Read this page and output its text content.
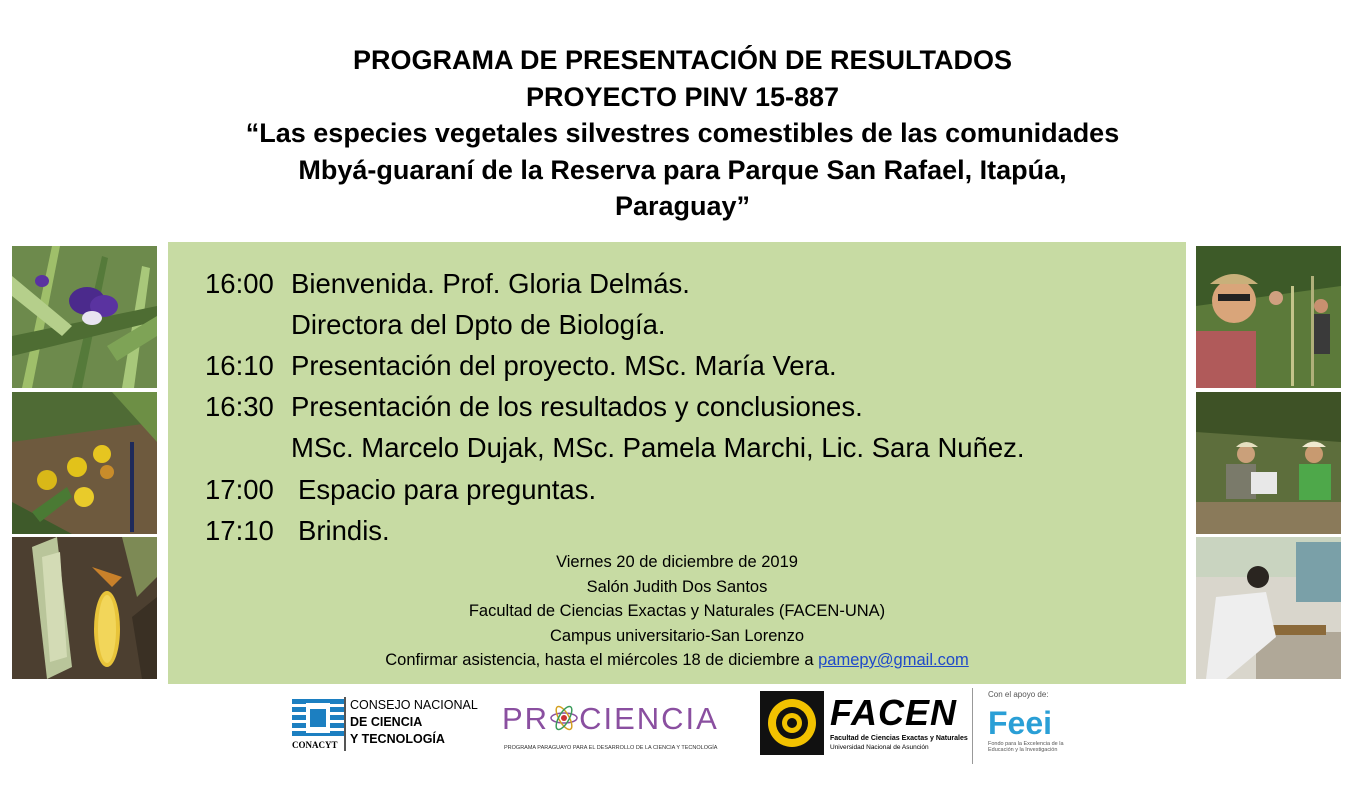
PROGRAMA DE PRESENTACIÓN DE RESULTADOS
PROYECTO PINV 15-887
“Las especies vegetales silvestres comestibles de las comunidades
Mbyá-guaraní de la Reserva para Parque San Rafael, Itapúa,
Paraguay”
16:00 Bienvenida. Prof. Gloria Delmás.
Directora del Dpto de Biología.
16:10 Presentación del proyecto. MSc. María Vera.
16:30 Presentación de los resultados y conclusiones.
MSc. Marcelo Dujak, MSc. Pamela Marchi, Lic. Sara Nuñez.
17:00 Espacio para preguntas.
17:10 Brindis.
Viernes 20 de diciembre de 2019
Salón Judith Dos Santos
Facultad de Ciencias Exactas y Naturales (FACEN-UNA)
Campus universitario-San Lorenzo
Confirmar asistencia, hasta el miércoles 18 de diciembre a pamepy@gmail.com
CONACYT
CONSEJO NACIONAL
DE CIENCIA
Y TECNOLOGÍA
PR CIENCIA
PROGRAMA PARAGUAYO PARA EL DESARROLLO DE LA CIENCIA Y TECNOLOGÍA
FACEN
Facultad de Ciencias Exactas y Naturales
Universidad Nacional de Asunción
Con el apoyo de:
Feei
Fondo para la Excelencia de la
Educación y la Investigación
